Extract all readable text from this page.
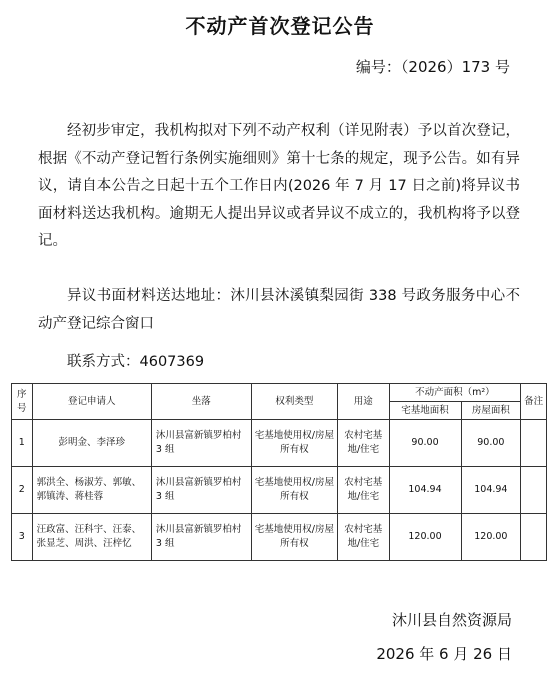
不动产首次登记公告
编号：（2026）173 号
经初步审定，我机构拟对下列不动产权利（详见附表）予以首次登记，根据《不动产登记暂行条例实施细则》第十七条的规定，现予公告。如有异议，请自本公告之日起十五个工作日内(2026 年 7 月 17 日之前)将异议书面材料送达我机构。逾期无人提出异议或者异议不成立的，我机构将予以登记。
异议书面材料送达地址：沐川县沐溪镇梨园街 338 号政务服务中心不动产登记综合窗口
联系方式：4607369
序号	登记申请人	坐落	权利类型	用途	不动产面积（m²）		备注
					宅基地面积	房屋面积	
1	彭明金、李泽珍	沐川县富新镇罗柏村 3 组	宅基地使用权/房屋所有权	农村宅基地/住宅	90.00	90.00	
2	郭洪全、杨淑芳、郭敏、郭镇涛、蒋桂蓉	沐川县富新镇罗柏村 3 组	宅基地使用权/房屋所有权	农村宅基地/住宅	104.94	104.94	
3	汪政富、汪科宇、汪泰、张显芝、周洪、汪梓忆	沐川县富新镇罗柏村 3 组	宅基地使用权/房屋所有权	农村宅基地/住宅	120.00	120.00	
沐川县自然资源局
2026 年 6 月 26 日
